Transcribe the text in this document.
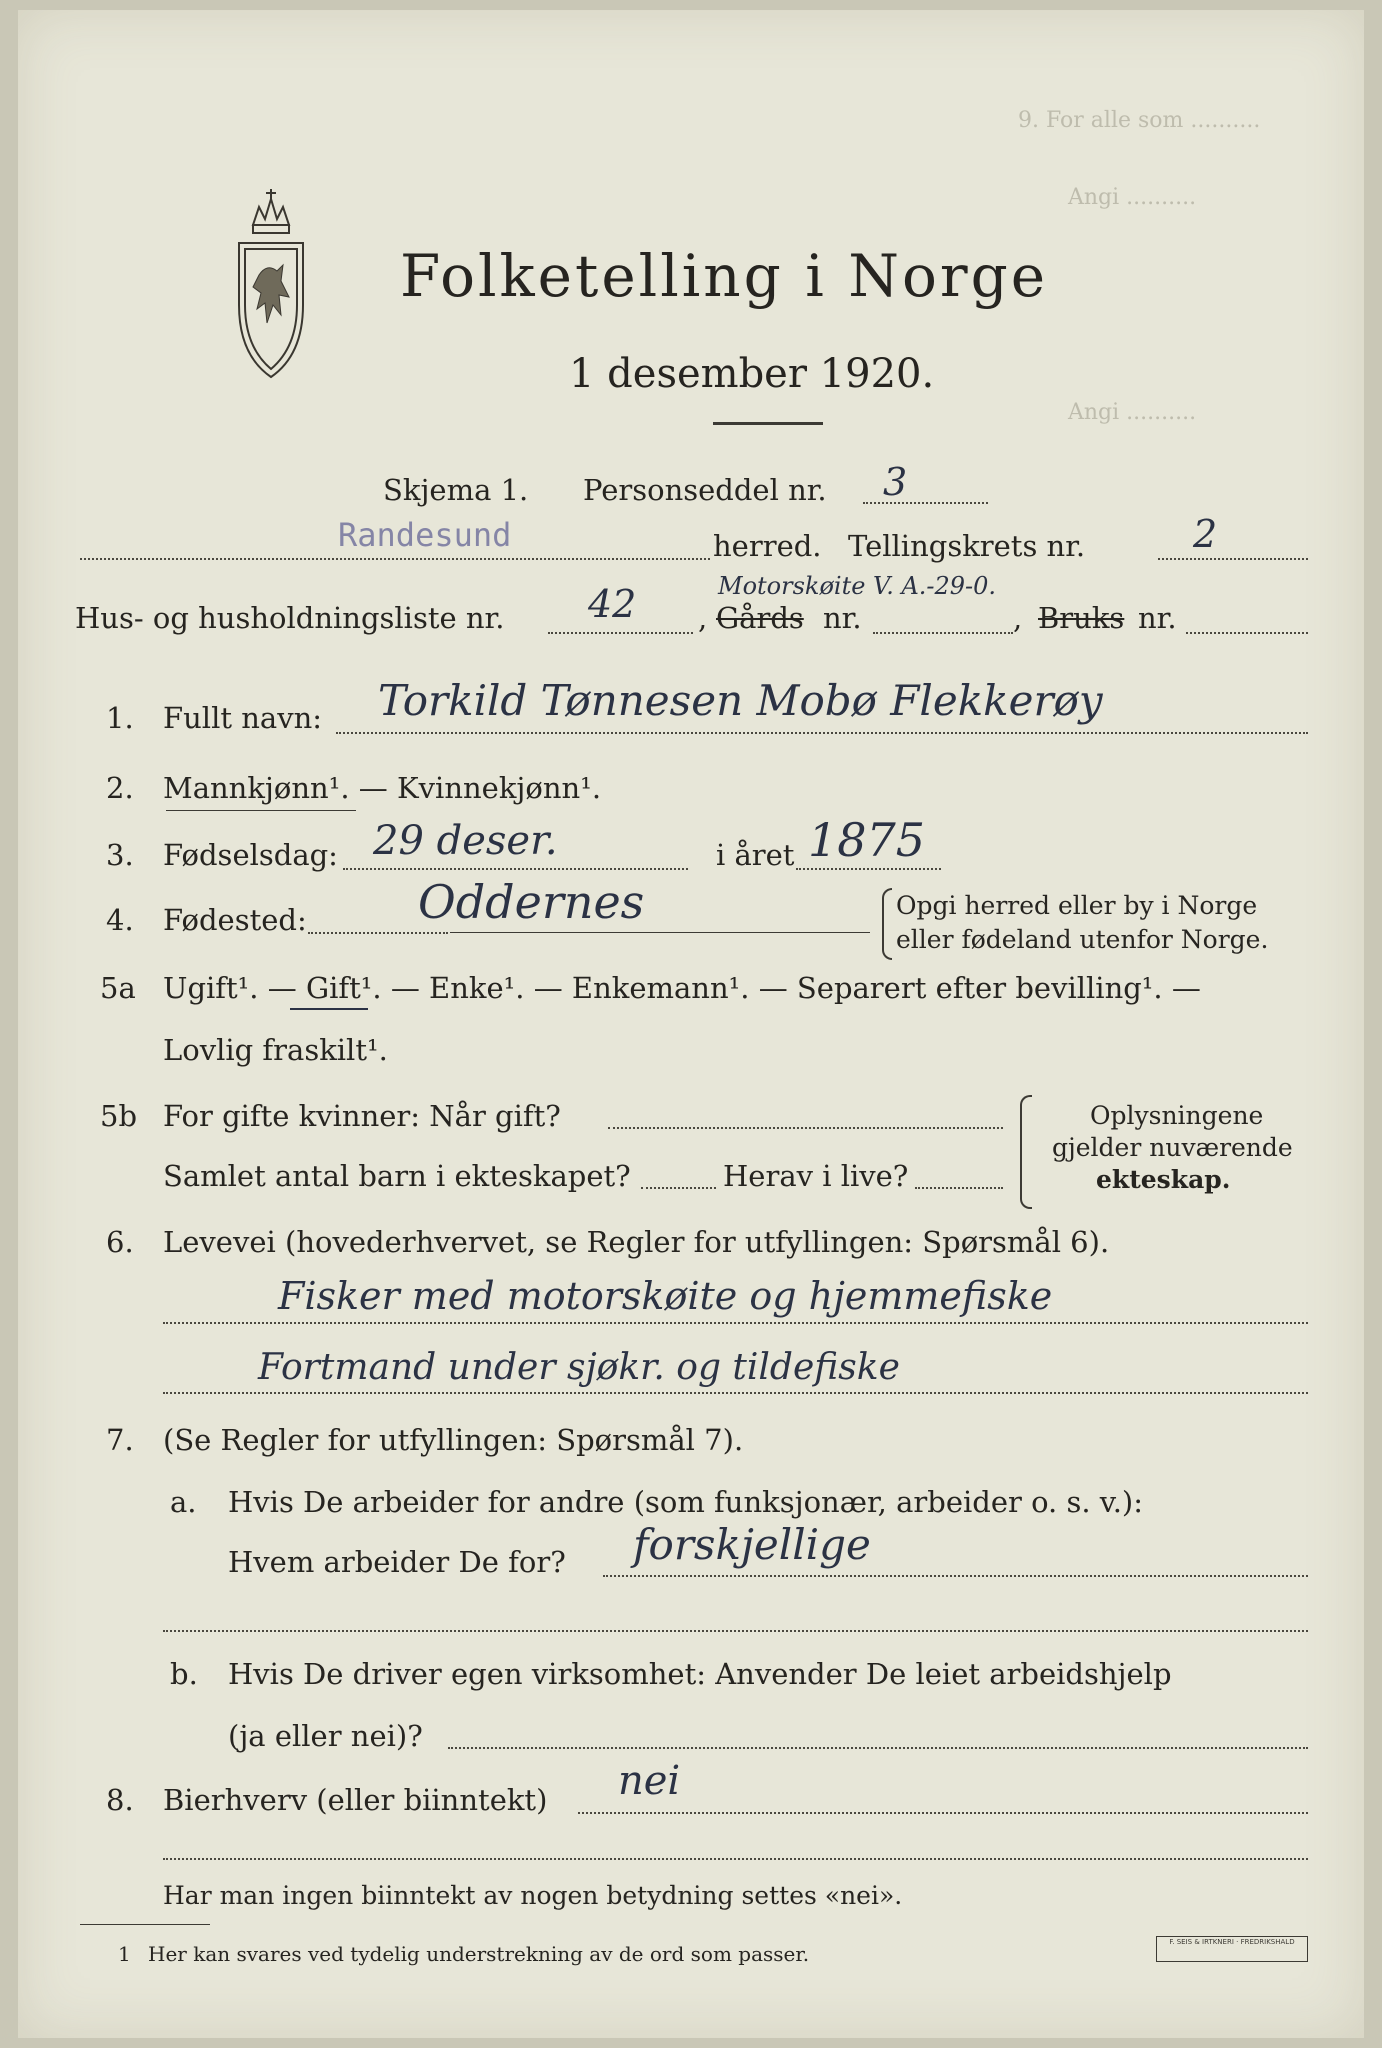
9. For alle som ..........
Angi ..........
Angi ..........
Folketelling i Norge
1 desember 1920.
Skjema 1. Personseddel nr. 3
Randesund	herred. Tellingskrets nr.	2
Motorskøite V. A.-29-0.
Hus- og husholdningsliste nr. 42 , Gårds nr.	, Bruks nr.
1. Fullt navn: Torkild Tønnesen Mobø Flekkerøy
2. Mannkjønn¹. — Kvinnekjønn¹.
3. Fødselsdag: 29 deser.	i året 1875
4. Fødested: Oddernes	Opgi herred eller by i Norge
eller fødeland utenfor Norge.
5a Ugift¹. — Gift¹. — Enke¹. — Enkemann¹. — Separert efter bevilling¹. —
Lovlig fraskilt¹.
5b For gifte kvinner: Når gift?
Samlet antal barn i ekteskapet?	Herav i live?
Oplysningene
gjelder nuværende
ekteskap.
6. Levevei (hovederhvervet, se Regler for utfyllingen: Spørsmål 6).
Fisker med motorskøite og hjemmefiske
Fortmand under sjøkr. og tildefiske
7. (Se Regler for utfyllingen: Spørsmål 7).
a. Hvis De arbeider for andre (som funksjonær, arbeider o. s. v.):
Hvem arbeider De for? forskjellige
b. Hvis De driver egen virksomhet: Anvender De leiet arbeidshjelp
(ja eller nei)?
8. Bierhverv (eller biinntekt) nei
Har man ingen biinntekt av nogen betydning settes «nei».
1 Her kan svares ved tydelig understrekning av de ord som passer.	F. SEIS & IRTKNERI · FREDRIKSHALD
